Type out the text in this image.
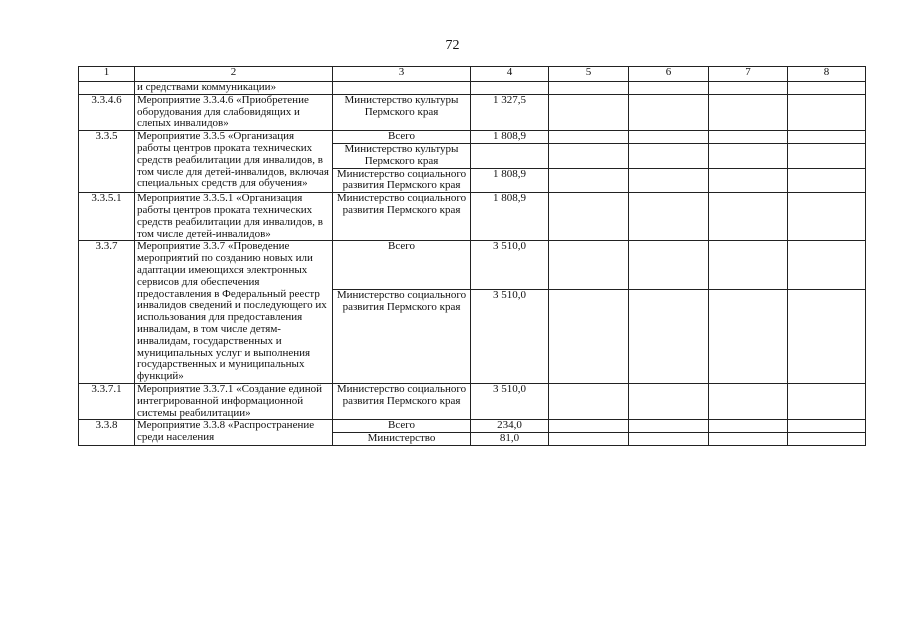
72
1	2	3	4	5	6	7	8
	и средствами коммуникации»						
3.3.4.6	Мероприятие 3.3.4.6 «Приобретение оборудования для слабовидящих и слепых инвалидов»	Министерство культуры Пермского края	1 327,5				
3.3.5	Мероприятие 3.3.5 «Организация работы центров проката технических средств реабилитации для инвалидов, в том числе для детей-инвалидов, включая специальных средств для обучения»	Всего	1 808,9				
		Министерство культуры Пермского края					
		Министерство социального развития Пермского края	1 808,9				
3.3.5.1	Мероприятие 3.3.5.1 «Организация работы центров проката технических средств реабилитации для инвалидов, в том числе детей-инвалидов»	Министерство социального развития Пермского края	1 808,9				
3.3.7	Мероприятие 3.3.7 «Проведение мероприятий по созданию новых или адаптации имеющихся электронных сервисов для обеспечения предоставления в Федеральный реестр инвалидов сведений и последующего их использования для предоставления инвалидам, в том числе детям-инвалидам, государственных и муниципальных услуг и выполнения государственных и муниципальных функций»	Всего	3 510,0				
		Министерство социального развития Пермского края	3 510,0				
3.3.7.1	Мероприятие 3.3.7.1 «Создание единой интегрированной информационной системы реабилитации»	Министерство социального развития Пермского края	3 510,0				
3.3.8	Мероприятие 3.3.8 «Распространение среди населения	Всего	234,0				
		Министерство	81,0				
